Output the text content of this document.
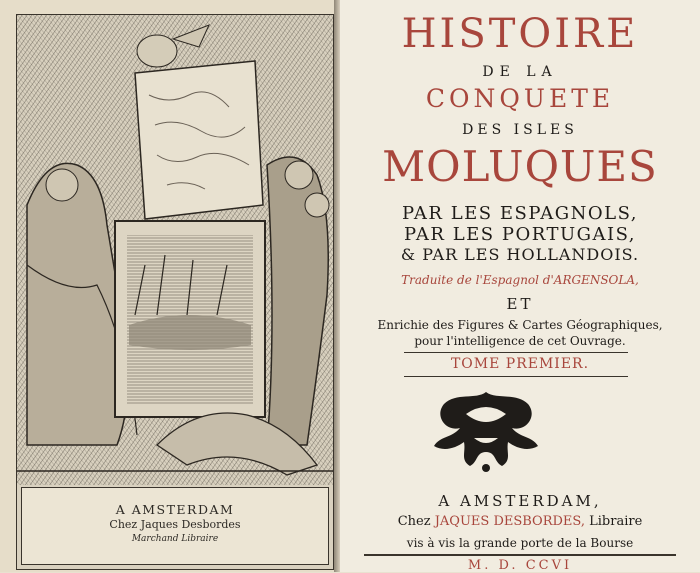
A AMSTERDAM
Chez Jaques Desbordes
Marchand Libraire
HISTOIRE
DE LA
CONQUETE
DES ISLES
MOLUQUES
PAR LES ESPAGNOLS,
PAR LES PORTUGAIS,
& PAR LES HOLLANDOIS.
Traduite de l'Espagnol d'ARGENSOLA,
ET
Enrichie des Figures & Cartes Géographiques,
pour l'intelligence de cet Ouvrage.
TOME PREMIER.
A AMSTERDAM,
Chez JAQUES DESBORDES, Libraire
vis à vis la grande porte de la Bourse
M. D. CCVI
